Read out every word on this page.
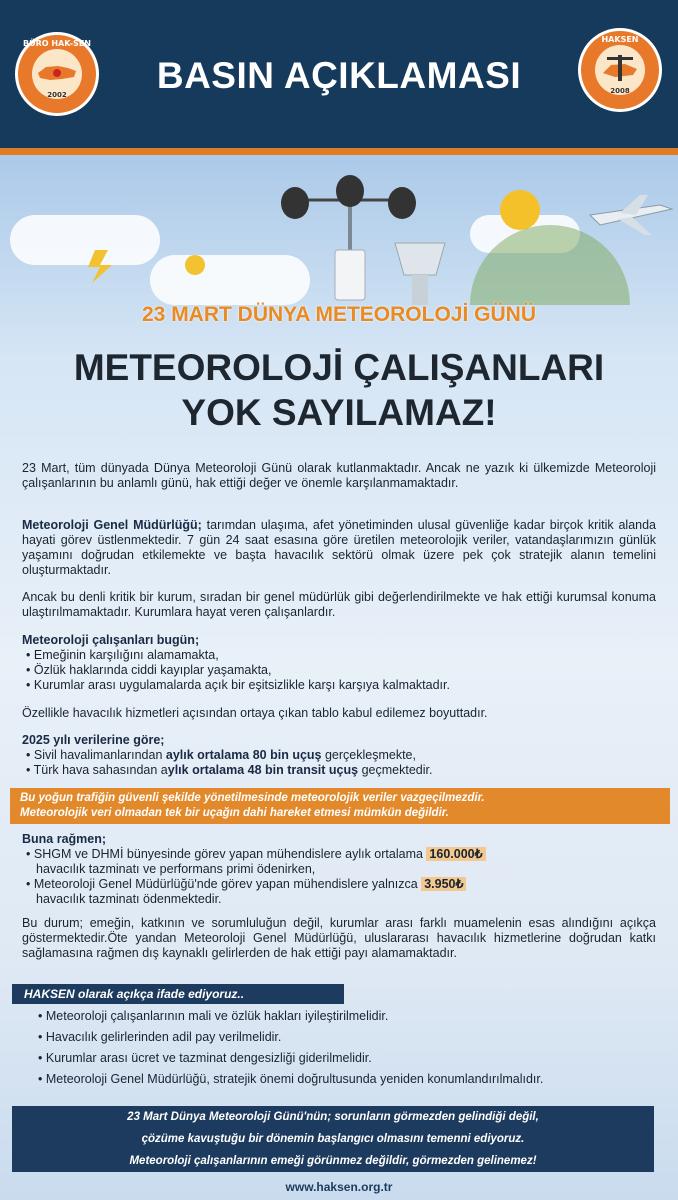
BÜRO HAK-SEN
2002	BASIN AÇIKLAMASI
HAKSEN
2008
23 MART DÜNYA METEOROLOJİ GÜNÜ
METEOROLOJİ ÇALIŞANLARI
YOK SAYILAMAZ!
23 Mart, tüm dünyada Dünya Meteoroloji Günü olarak kutlanmaktadır. Ancak ne yazık ki ülkemizde Meteoroloji çalışanlarının bu anlamlı günü, hak ettiği değer ve önemle karşılanmamaktadır.
Meteoroloji Genel Müdürlüğü; tarımdan ulaşıma, afet yönetiminden ulusal güvenliğe kadar birçok kritik alanda hayati görev üstlenmektedir. 7 gün 24 saat esasına göre üretilen meteorolojik veriler, vatandaşlarımızın günlük yaşamını doğrudan etkilemekte ve başta havacılık sektörü olmak üzere pek çok stratejik alanın temelini oluşturmaktadır.
Ancak bu denli kritik bir kurum, sıradan bir genel müdürlük gibi değerlendirilmekte ve hak ettiği kurumsal konuma ulaştırılmamaktadır. Kurumlara hayat veren çalışanlardır.
Meteoroloji çalışanları bugün;
• Emeğinin karşılığını alamamakta,
• Özlük haklarında ciddi kayıplar yaşamakta,
• Kurumlar arası uygulamalarda açık bir eşitsizlikle karşı karşıya kalmaktadır.
Özellikle havacılık hizmetleri açısından ortaya çıkan tablo kabul edilemez boyuttadır.
2025 yılı verilerine göre;
• Sivil havalimanlarından aylık ortalama 80 bin uçuş gerçekleşmekte,
• Türk hava sahasından aylık ortalama 48 bin transit uçuş geçmektedir.
Bu yoğun trafiğin güvenli şekilde yönetilmesinde meteorolojik veriler vazgeçilmezdir.
Meteorolojik veri olmadan tek bir uçağın dahi hareket etmesi mümkün değildir.
Buna rağmen;
• SHGM ve DHMİ bünyesinde görev yapan mühendislere aylık ortalama 160.000₺
havacılık tazminatı ve performans primi ödenirken,
• Meteoroloji Genel Müdürlüğü'nde görev yapan mühendislere yalnızca 3.950₺
havacılık tazminatı ödenmektedir.
Bu durum; emeğin, katkının ve sorumluluğun değil, kurumlar arası farklı muamelenin esas alındığını açıkça göstermektedir.Öte yandan Meteoroloji Genel Müdürlüğü, uluslararası havacılık hizmetlerine doğrudan katkı sağlamasına rağmen dış kaynaklı gelirlerden de hak ettiği payı alamamaktadır.
HAKSEN olarak açıkça ifade ediyoruz..
• Meteoroloji çalışanlarının mali ve özlük hakları iyileştirilmelidir.
• Havacılık gelirlerinden adil pay verilmelidir.
• Kurumlar arası ücret ve tazminat dengesizliği giderilmelidir.
• Meteoroloji Genel Müdürlüğü, stratejik önemi doğrultusunda yeniden konumlandırılmalıdır.
23 Mart Dünya Meteoroloji Günü'nün; sorunların görmezden gelindiği değil,
çözüme kavuştuğu bir dönemin başlangıcı olmasını temenni ediyoruz.
Meteoroloji çalışanlarının emeği görünmez değildir, görmezden gelinemez!
www.haksen.org.tr
